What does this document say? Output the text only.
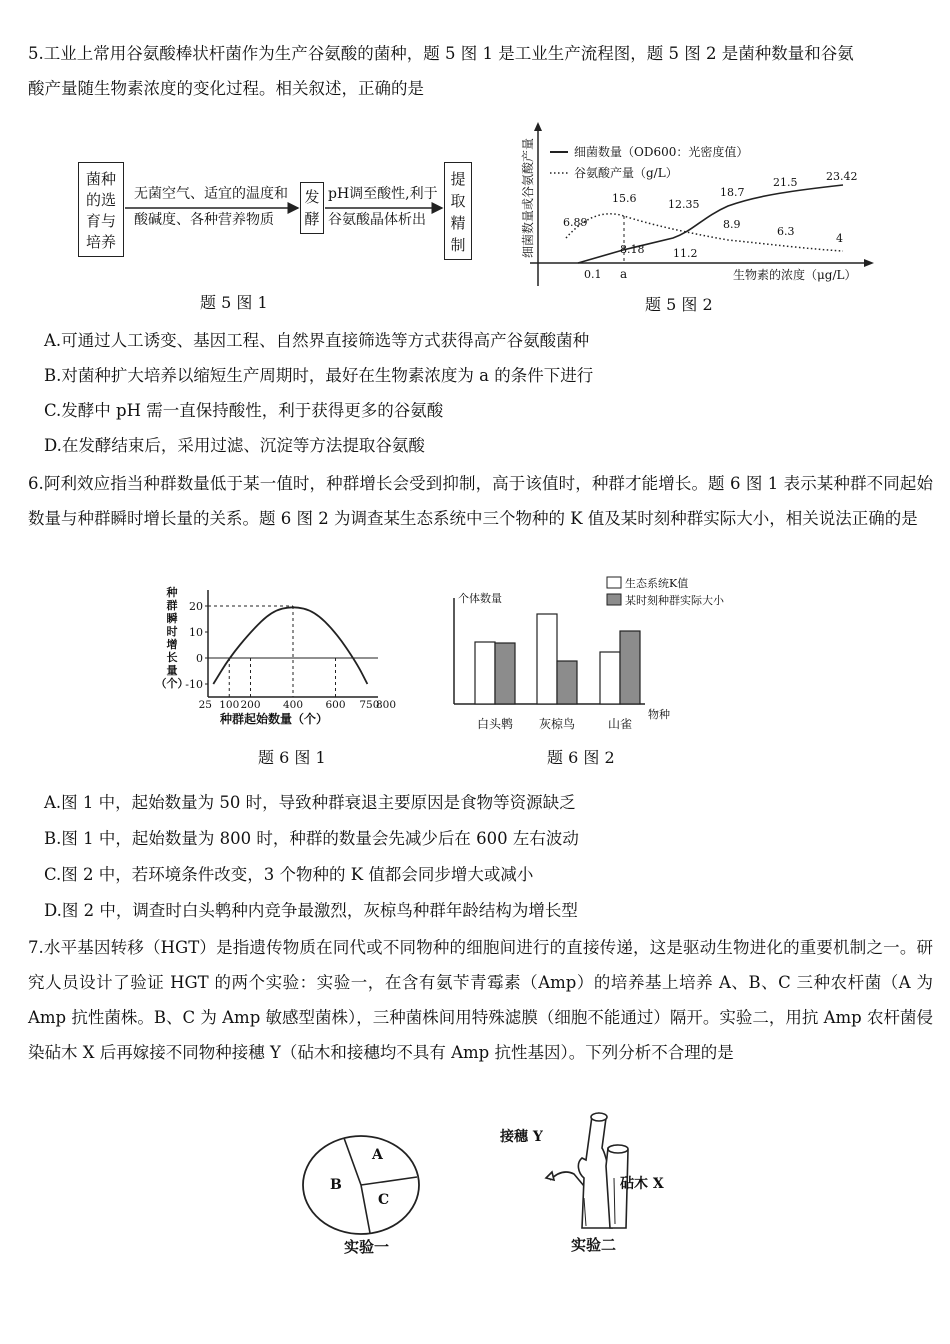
5.工业上常用谷氨酸棒状杆菌作为生产谷氨酸的菌种，题 5 图 1 是工业生产流程图，题 5 图 2 是菌种数量和谷氨
酸产量随生物素浓度的变化过程。相关叙述，正确的是
菌种
的选
育与
培养
无菌空气、适宜的温度和
酸碱度、各种营养物质
发
酵
pH调至酸性,利于
谷氨酸晶体析出
提
取
精
制
题 5 图 1
细菌数量或谷氨酸产量	细菌数量（OD600：光密度值）
谷氨酸产量（g/L）
8.18	11.2
12.35
18.7
21.5	23.42
6.89
15.6
8.9
6.3
4
0.1 a	生物素的浓度（μg/L）
题 5 图 2
A.可通过人工诱变、基因工程、自然界直接筛选等方式获得高产谷氨酸菌种
B.对菌种扩大培养以缩短生产周期时，最好在生物素浓度为 a 的条件下进行
C.发酵中 pH 需一直保持酸性，利于获得更多的谷氨酸
D.在发酵结束后，采用过滤、沉淀等方法提取谷氨酸
6.阿利效应指当种群数量低于某一值时，种群增长会受到抑制，高于该值时，种群才能增长。题 6 图 1 表示某种群不同起始数量与种群瞬时增长量的关系。题 6 图 2 为调查某生态系统中三个物种的 K 值及某时刻种群实际大小，相关说法正确的是
种
群
瞬
时
增
长
量
（个）
-10
0
10
20
25 100 200 400 600 750
800
种群起始数量（个）
题 6 图 1
生态系统K值
某时刻种群实际大小
个体数量
物种
白头鹎 灰椋鸟	山雀
题 6 图 2
A.图 1 中，起始数量为 50 时，导致种群衰退主要原因是食物等资源缺乏
B.图 1 中，起始数量为 800 时，种群的数量会先减少后在 600 左右波动
C.图 2 中，若环境条件改变，3 个物种的 K 值都会同步增大或减小
D.图 2 中，调查时白头鹎种内竞争最激烈，灰椋鸟种群年龄结构为增长型
7.水平基因转移（HGT）是指遗传物质在同代或不同物种的细胞间进行的直接传递，这是驱动生物进化的重要机制之一。研究人员设计了验证 HGT 的两个实验：实验一，在含有氨苄青霉素（Amp）的培养基上培养 A、B、C 三种农杆菌（A 为 Amp 抗性菌株。B、C 为 Amp 敏感型菌株），三种菌株间用特殊滤膜（细胞不能通过）隔开。实验二，用抗 Amp 农杆菌侵染砧木 X 后再嫁接不同物种接穗 Y（砧木和接穗均不具有 Amp 抗性基因）。下列分析不合理的是
A
B
C
实验一
接穗 Y
砧木 X
实验二
